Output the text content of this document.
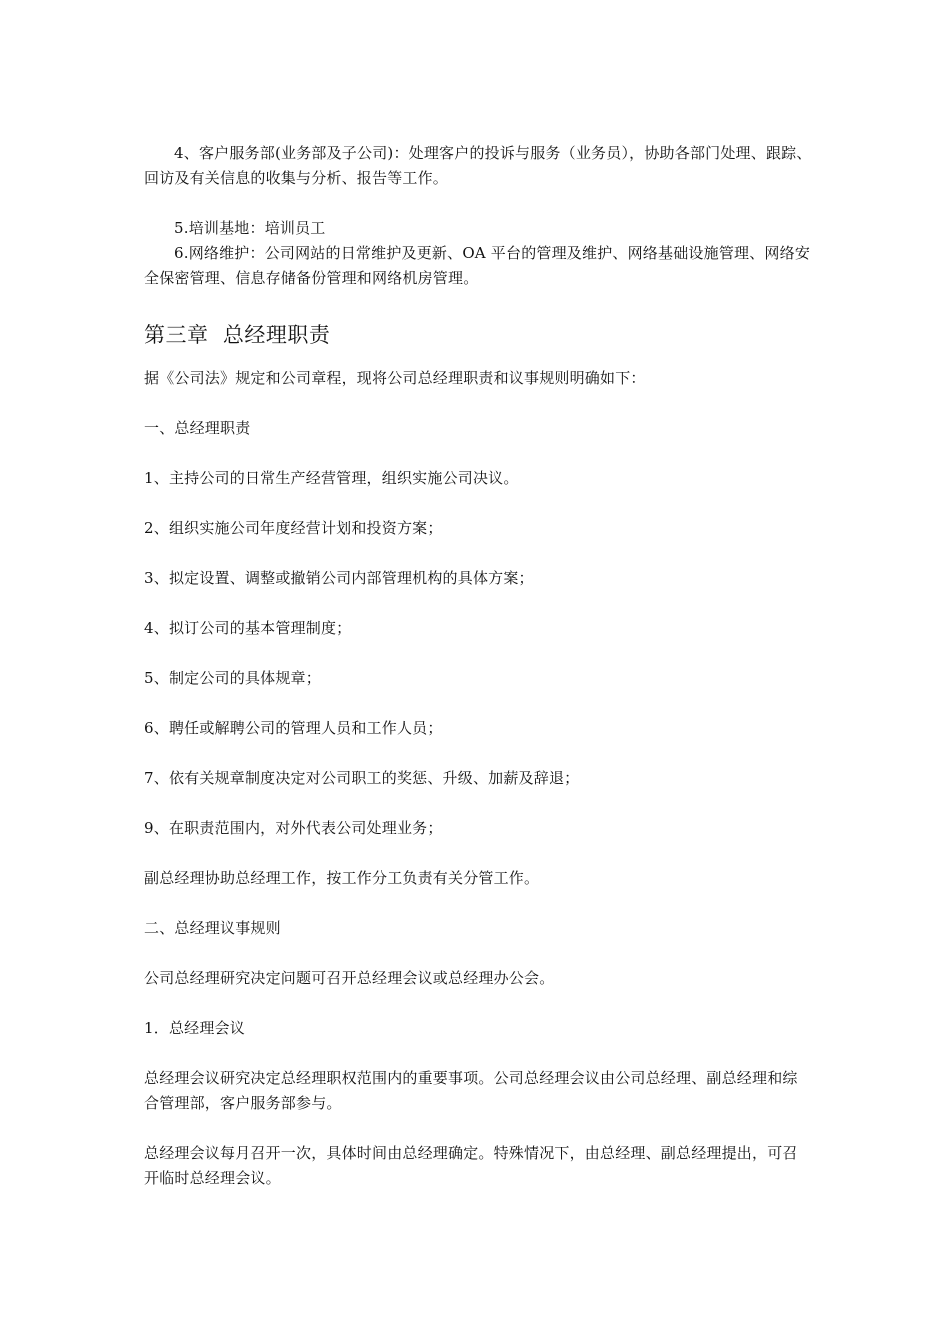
4、客户服务部(业务部及子公司)：处理客户的投诉与服务（业务员），协助各部门处理、跟踪、回访及有关信息的收集与分析、报告等工作。
5.培训基地：培训员工
6.网络维护：公司网站的日常维护及更新、OA 平台的管理及维护、网络基础设施管理、网络安全保密管理、信息存储备份管理和网络机房管理。
第三章  总经理职责
据《公司法》规定和公司章程，现将公司总经理职责和议事规则明确如下：
一、总经理职责
1、主持公司的日常生产经营管理，组织实施公司决议。
2、组织实施公司年度经营计划和投资方案；
3、拟定设置、调整或撤销公司内部管理机构的具体方案；
4、拟订公司的基本管理制度；
5、制定公司的具体规章；
6、聘任或解聘公司的管理人员和工作人员；
7、依有关规章制度决定对公司职工的奖惩、升级、加薪及辞退；
9、在职责范围内，对外代表公司处理业务；
副总经理协助总经理工作，按工作分工负责有关分管工作。
二、总经理议事规则
公司总经理研究决定问题可召开总经理会议或总经理办公会。
1．总经理会议
总经理会议研究决定总经理职权范围内的重要事项。公司总经理会议由公司总经理、副总经理和综合管理部，客户服务部参与。
总经理会议每月召开一次，具体时间由总经理确定。特殊情况下，由总经理、副总经理提出，可召开临时总经理会议。
